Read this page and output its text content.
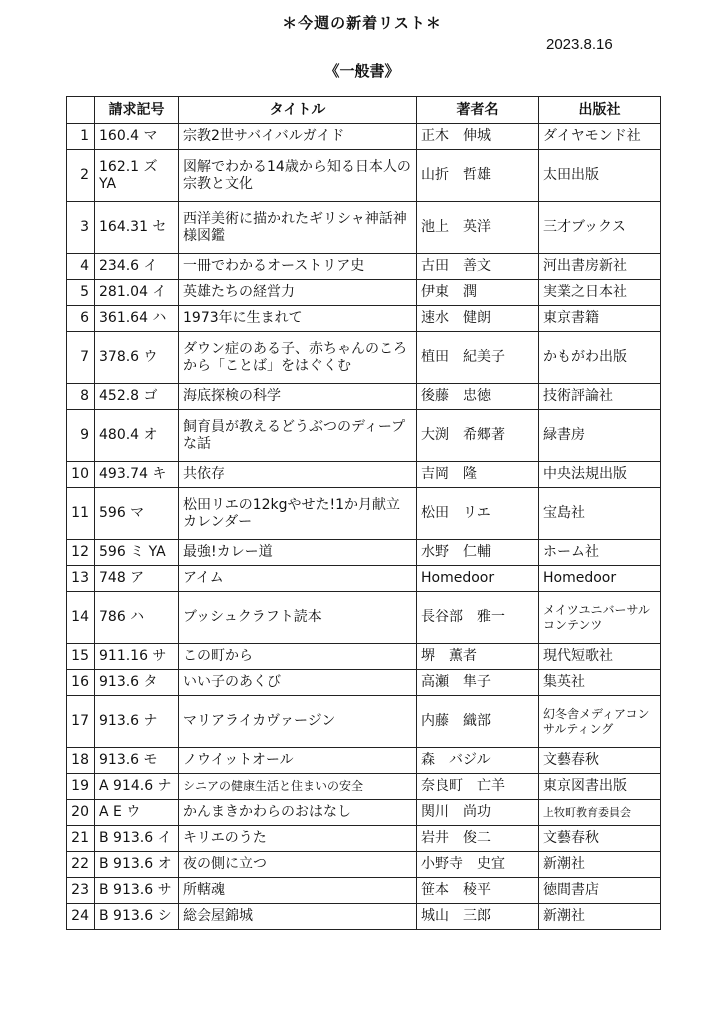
＊今週の新着リスト＊
2023.8.16
《一般書》
	請求記号	タイトル	著者名	出版社
1	160.4 マ	宗教2世サバイバルガイド	正木　伸城	ダイヤモンド社
2	162.1 ズ YA	図解でわかる14歳から知る日本人の宗教と文化	山折　哲雄	太田出版
3	164.31 セ	西洋美術に描かれたギリシャ神話神様図鑑	池上　英洋	三才ブックス
4	234.6 イ	一冊でわかるオーストリア史	古田　善文	河出書房新社
5	281.04 イ	英雄たちの経営力	伊東　潤	実業之日本社
6	361.64 ハ	1973年に生まれて	速水　健朗	東京書籍
7	378.6 ウ	ダウン症のある子、赤ちゃんのころから「ことば」をはぐくむ	植田　紀美子	かもがわ出版
8	452.8 ゴ	海底探検の科学	後藤　忠徳	技術評論社
9	480.4 オ	飼育員が教えるどうぶつのディープな話	大渕　希郷著	緑書房
10	493.74 キ	共依存	吉岡　隆	中央法規出版
11	596 マ	松田リエの12kgやせた!1か月献立カレンダー	松田　リエ	宝島社
12	596 ミ YA	最強!カレー道	水野　仁輔	ホーム社
13	748 ア	アイム	Homedoor	Homedoor
14	786 ハ	ブッシュクラフト読本	長谷部　雅一	メイツユニバーサルコンテンツ
15	911.16 サ	この町から	堺　薫者	現代短歌社
16	913.6 タ	いい子のあくび	高瀬　隼子	集英社
17	913.6 ナ	マリアライカヴァージン	内藤　織部	幻冬舎メディアコンサルティング
18	913.6 モ	ノウイットオール	森　バジル	文藝春秋
19	A 914.6 ナ	シニアの健康生活と住まいの安全	奈良町　亡羊	東京図書出版
20	A E ウ	かんまきかわらのおはなし	関川　尚功	上牧町教育委員会
21	B 913.6 イ	キリエのうた	岩井　俊二	文藝春秋
22	B 913.6 オ	夜の側に立つ	小野寺　史宜	新潮社
23	B 913.6 サ	所轄魂	笹本　稜平	徳間書店
24	B 913.6 シ	総会屋錦城	城山　三郎	新潮社
